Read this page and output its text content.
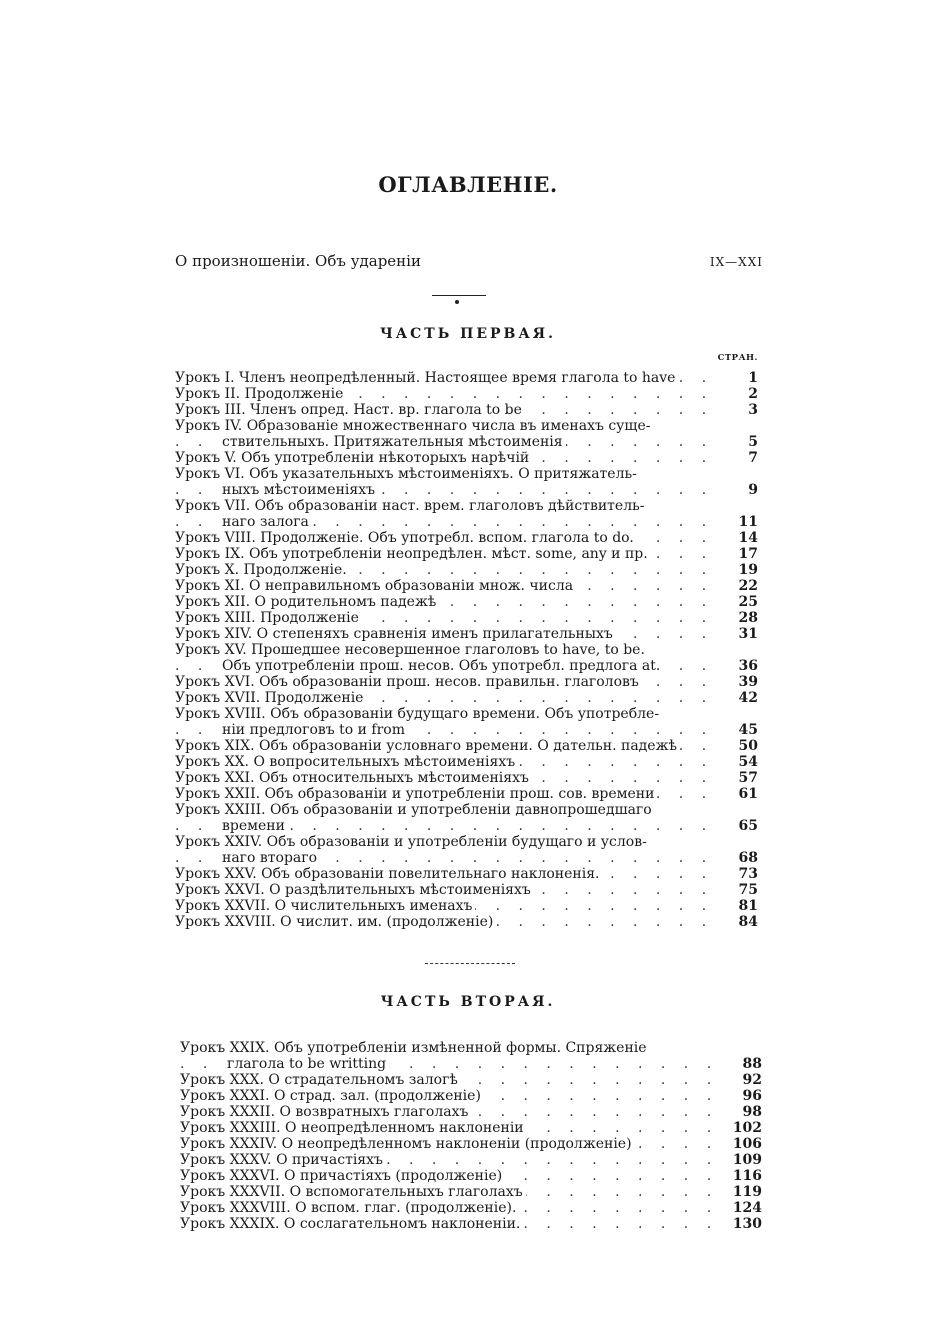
ОГЛАВЛЕНІЕ.
О произношеніи. Объ удареніи	IX—XXI
ЧАСТЬ ПЕРВАЯ.
СТРАН.
. . .
Урокъ I. Членъ неопредѣленный. Настоящее время глагола to have	1
. . .
Урокъ II. Продолженіе	2
. . .
Урокъ III. Членъ опред. Наст. вр. глагола to be	3
Урокъ IV. Образованіе множественнаго числа въ именахъ суще-
. . .
ствительныхъ. Притяжательныя мѣстоименія	5
. . .
Урокъ V. Объ употребленіи нѣкоторыхъ нарѣчій	7
Урокъ VI. Объ указательныхъ мѣстоименіяхъ. О притяжатель-
. . .
ныхъ мѣстоименіяхъ	9
Урокъ VII. Объ образованіи наст. врем. глаголовъ дѣйствитель-
. . .
наго залога	11
. . .
Урокъ VIII. Продолженіе. Объ употребл. вспом. глагола to do.	14
. . .
Урокъ IX. Объ употребленіи неопредѣлен. мѣст. some, any и пр.	17
. . .
Урокъ X. Продолженіе.	19
. . .
Урокъ XI. О неправильномъ образованіи множ. числа	22
. . .
Урокъ XII. О родительномъ падежѣ	25
. . .
Урокъ XIII. Продолженіе	28
. . .
Урокъ XIV. О степеняхъ сравненія именъ прилагательныхъ	31
Урокъ XV. Прошедшее несовершенное глаголовъ to have, to be.
. . .
Объ употребленіи прош. несов. Объ употребл. предлога at.	36
. . .
Урокъ XVI. Объ образованіи прош. несов. правильн. глаголовъ	39
. . .
Урокъ XVII. Продолженіе	42
Урокъ XVIII. Объ образованіи будущаго времени. Объ употребле-
. . .
ніи предлоговъ to и from	45
. . .
Урокъ XIX. Объ образованіи условнаго времени. О дательн. падежѣ	50
. . .
Урокъ XX. О вопросительныхъ мѣстоименіяхъ	54
. . .
Урокъ XXI. Объ относительныхъ мѣстоименіяхъ	57
. . .
Урокъ XXII. Объ образованіи и употребленіи прош. сов. времени	61
Урокъ XXIII. Объ образованіи и употребленіи давнопрошедшаго
. . .
времени	65
Урокъ XXIV. Объ образованіи и употребленіи будущаго и услов-
. . .
наго втораго	68
. . .
Урокъ XXV. Объ образованіи повелительнаго наклоненія.	73
. . .
Урокъ XXVI. О раздѣлительныхъ мѣстоименіяхъ	75
. . .
Урокъ XXVII. О числительныхъ именахъ	81
. . .
Урокъ XXVIII. О числит. им. (продолженіе)	84
ЧАСТЬ ВТОРАЯ.
Урокъ XXIX. Объ употребленіи измѣненной формы. Спряженіе
. . .
глагола to be writting	88
. . .
Урокъ XXX. О страдательномъ залогѣ	92
. . .
Урокъ XXXI. О страд. зал. (продолженіе)	96
. . .
Урокъ XXXII. О возвратныхъ глаголахъ	98
. . .
Урокъ XXXIII. О неопредѣленномъ наклоненіи	102
. . .
Урокъ XXXIV. О неопредѣленномъ наклоненіи (продолженіе)	106
. . .
Урокъ XXXV. О причастіяхъ	109
. . .
Урокъ XXXVI. О причастіяхъ (продолженіе)	116
. . .
Урокъ XXXVII. О вспомогательныхъ глаголахъ	119
. . .
Урокъ XXXVIII. О вспом. глаг. (продолженіе).	124
. . .
Урокъ XXXIX. О сослагательномъ наклоненіи.	130
